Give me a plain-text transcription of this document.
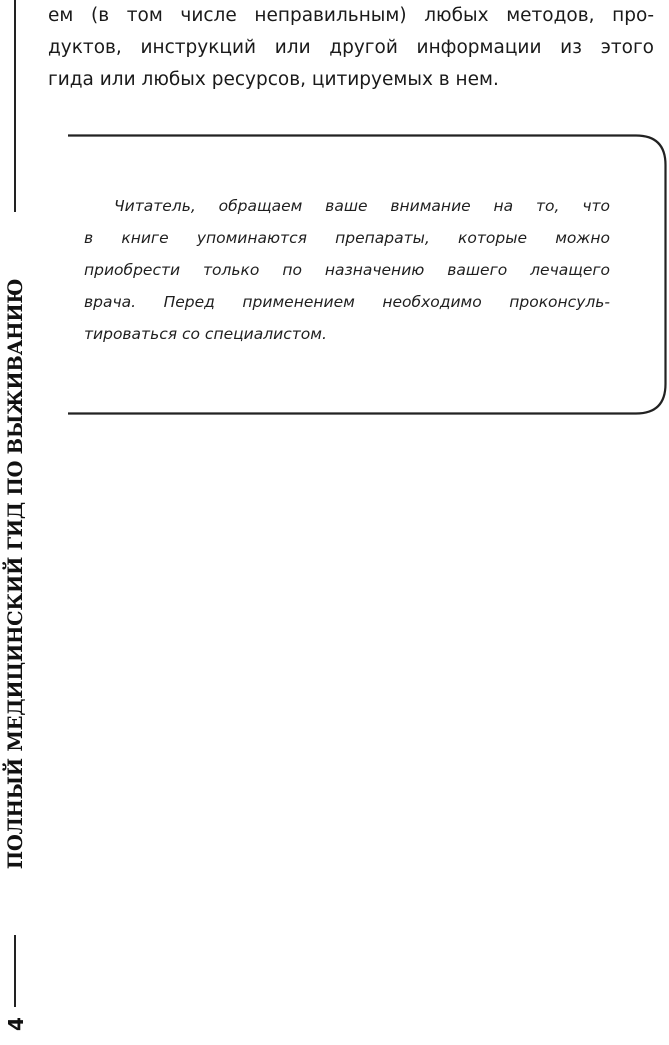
ПОЛНЫЙ МЕДИЦИНСКИЙ ГИД ПО ВЫЖИВАНИЮ
4

ем (в том числе неправильным) любых методов, про-
дуктов, инструкций или другой информации из этого
гида или любых ресурсов, цитируемых в нем.

Читатель, обращаем ваше внимание на то, что
в книге упоминаются препараты, которые можно
приобрести только по назначению вашего лечащего
врача. Перед применением необходимо проконсуль-
тироваться со специалистом.
